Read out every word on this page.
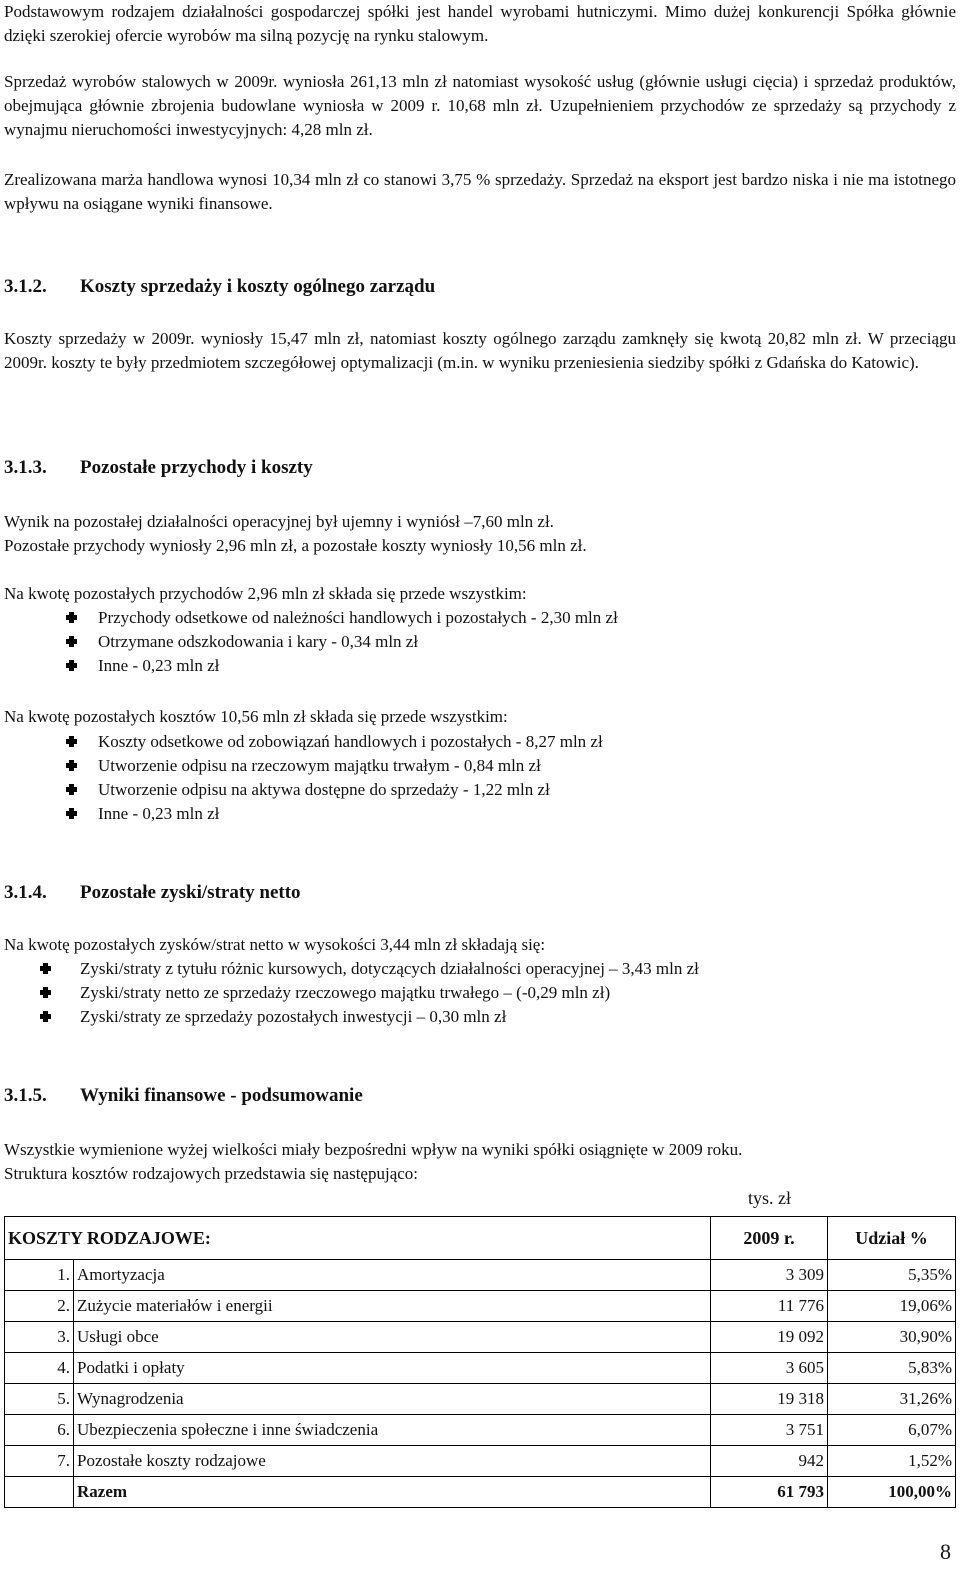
Podstawowym rodzajem działalności gospodarczej spółki jest handel wyrobami hutniczymi. Mimo dużej konkurencji Spółka głównie dzięki szerokiej ofercie wyrobów ma silną pozycję na rynku stalowym.

Sprzedaż wyrobów stalowych w 2009r. wyniosła 261,13 mln zł natomiast wysokość usług (głównie usługi cięcia) i sprzedaż produktów, obejmująca głównie zbrojenia budowlane wyniosła w 2009 r. 10,68 mln zł. Uzupełnieniem przychodów ze sprzedaży są przychody z wynajmu nieruchomości inwestycyjnych: 4,28 mln zł.

Zrealizowana marża handlowa wynosi 10,34 mln zł co stanowi 3,75 % sprzedaży. Sprzedaż na eksport jest bardzo niska i nie ma istotnego wpływu na osiągane wyniki finansowe.

3.1.2.	Koszty sprzedaży i koszty ogólnego zarządu

Koszty sprzedaży w 2009r. wyniosły 15,47 mln zł, natomiast koszty ogólnego zarządu zamknęły się kwotą 20,82 mln zł. W przeciągu 2009r. koszty te były przedmiotem szczegółowej optymalizacji (m.in. w wyniku przeniesienia siedziby spółki z Gdańska do Katowic).

3.1.3.	Pozostałe przychody i koszty

Wynik na pozostałej działalności operacyjnej był ujemny i wyniósł –7,60 mln zł.

Pozostałe przychody wyniosły 2,96 mln zł, a pozostałe koszty wyniosły 10,56 mln zł.

Na kwotę pozostałych przychodów 2,96 mln zł składa się przede wszystkim:

Przychody odsetkowe od należności handlowych i pozostałych - 2,30 mln zł
Otrzymane odszkodowania i kary - 0,34 mln zł
Inne - 0,23 mln zł

Na kwotę pozostałych kosztów 10,56 mln zł składa się przede wszystkim:

Koszty odsetkowe od zobowiązań handlowych i pozostałych - 8,27 mln zł
Utworzenie odpisu na rzeczowym majątku trwałym - 0,84 mln zł
Utworzenie odpisu na aktywa dostępne do sprzedaży - 1,22 mln zł
Inne - 0,23 mln zł
3.1.4.	Pozostałe zyski/straty netto

Na kwotę pozostałych zysków/strat netto w wysokości 3,44 mln zł składają się:

Zyski/straty z tytułu różnic kursowych, dotyczących działalności operacyjnej – 3,43 mln zł
Zyski/straty netto ze sprzedaży rzeczowego majątku trwałego – (-0,29 mln zł)
Zyski/straty ze sprzedaży pozostałych inwestycji – 0,30 mln zł
3.1.5.	Wyniki finansowe - podsumowanie

Wszystkie wymienione wyżej wielkości miały bezpośredni wpływ na wyniki spółki osiągnięte w 2009 roku.

Struktura kosztów rodzajowych przedstawia się następująco:

tys. zł
KOSZTY RODZAJOWE:		2009 r.	Udział %
1.	Amortyzacja	3 309	5,35%
2.	Zużycie materiałów i energii	11 776	19,06%
3.	Usługi obce	19 092	30,90%
4.	Podatki i opłaty	3 605	5,83%
5.	Wynagrodzenia	19 318	31,26%
6.	Ubezpieczenia społeczne i inne świadczenia	3 751	6,07%
7.	Pozostałe koszty rodzajowe	942	1,52%
	Razem	61 793	100,00%
8
